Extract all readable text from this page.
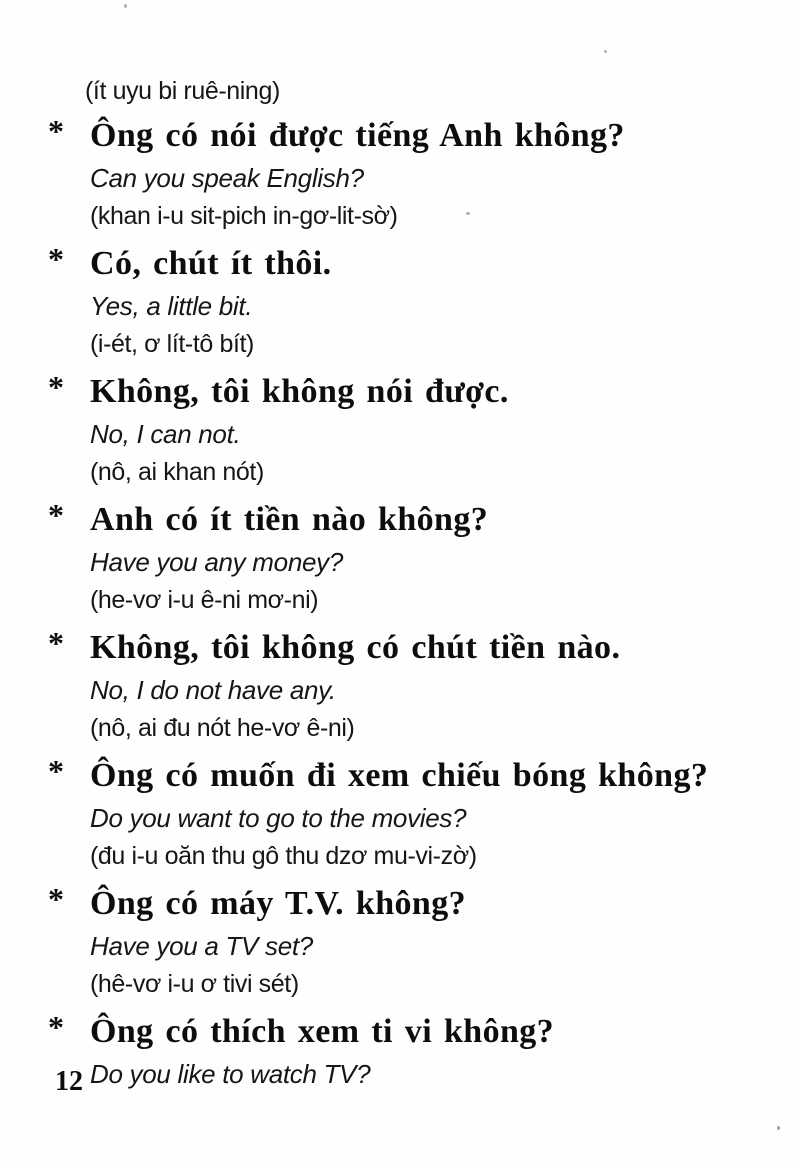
(ít uyu bi ruê-ning)
* Ông có nói được tiếng Anh không?
Can you speak English?
(khan i-u sit-pich in-gơ-lit-sờ)
* Có, chút ít thôi.
Yes, a little bit.
(i-ét, ơ lít-tô bít)
* Không, tôi không nói được.
No, I can not.
(nô, ai khan nót)
* Anh có ít tiền nào không?
Have you any money?
(he-vơ i-u ê-ni mơ-ni)
* Không, tôi không có chút tiền nào.
No, I do not have any.
(nô, ai đu nót he-vơ ê-ni)
* Ông có muốn đi xem chiếu bóng không?
Do you want to go to the movies?
(đu i-u oăn thu gô thu dzơ mu-vi-zờ)
* Ông có máy T.V. không?
Have you a TV set?
(hê-vơ i-u ơ tivi sét)
* Ông có thích xem ti vi không?
Do you like to watch TV?
12
